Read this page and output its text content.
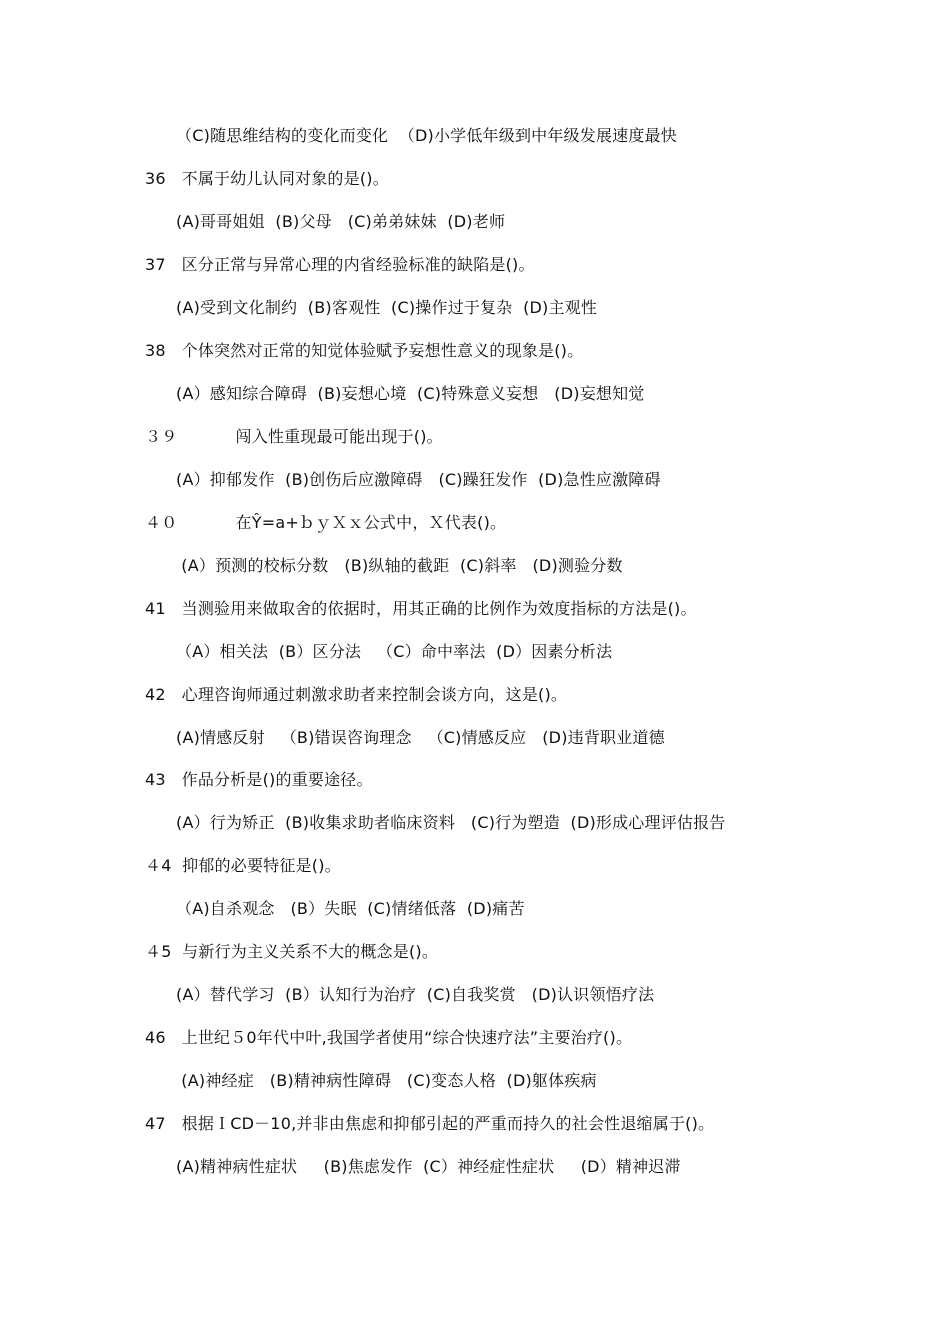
（C)随思维结构的变化而变化  （D)小学低年级到中年级发展速度最快
36   不属于幼儿认同对象的是()。
(A)哥哥姐姐  (B)父母   (C)弟弟妹妹  (D)老师
37   区分正常与异常心理的内省经验标准的缺陷是()。
(A)受到文化制约  (B)客观性  (C)操作过于复杂  (D)主观性
38   个体突然对正常的知觉体验赋予妄想性意义的现象是()。
(A）感知综合障碍  (B)妄想心境  (C)特殊意义妄想   (D)妄想知觉
３９           闯入性重现最可能出现于()。
(A）抑郁发作  (B)创伤后应激障碍   (C)躁狂发作  (D)急性应激障碍
４０           在Ŷ=a+ｂｙＸｘ公式中，Ｘ代表()。
(A）预测的校标分数   (B)纵轴的截距  (C)斜率   (D)测验分数
41   当测验用来做取舍的依据时，用其正确的比例作为效度指标的方法是()。
（A）相关法  (B）区分法   （C）命中率法  (D）因素分析法
42   心理咨询师通过刺激求助者来控制会谈方向，这是()。
(A)情感反射   （B)错误咨询理念   （C)情感反应   (D)违背职业道德
43   作品分析是()的重要途径。
(A）行为矫正  (B)收集求助者临床资料   (C)行为塑造  (D)形成心理评估报告
４4  抑郁的必要特征是()。
（A)自杀观念   (B）失眠  (C)情绪低落  (D)痛苦
４5  与新行为主义关系不大的概念是()。
(A）替代学习  (B）认知行为治疗  (C)自我奖赏   (D)认识领悟疗法
46   上世纪５0年代中叶,我国学者使用“综合快速疗法”主要治疗()。
(A)神经症   (B)精神病性障碍   (C)变态人格  (D)躯体疾病
47   根据ＩCD－10,并非由焦虑和抑郁引起的严重而持久的社会性退缩属于()。
(A)精神病性症状     (B)焦虑发作  (C）神经症性症状     (D）精神迟滞
